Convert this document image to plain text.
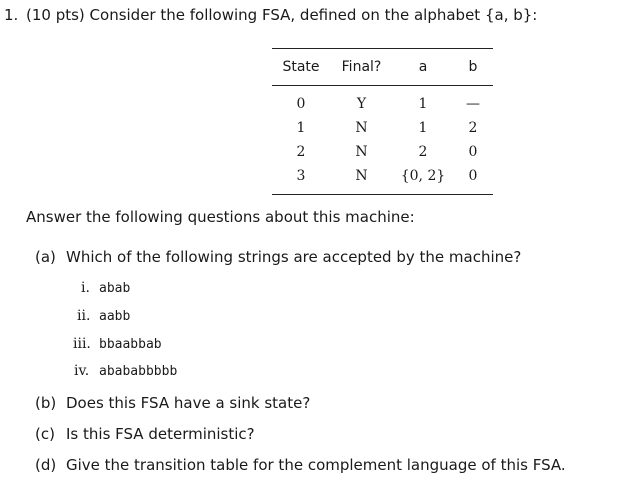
1. (10 pts) Consider the following FSA, defined on the alphabet {a, b}:
State	Final?	a	b
0	Y	1	—
1	N	1	2
2	N	2	0
3	N	{0, 2}	0
Answer the following questions about this machine:
(a) Which of the following strings are accepted by the machine?
i. abab
ii. aabb
iii. bbaabbab
iv. abababbbbb
(b) Does this FSA have a sink state?
(c) Is this FSA deterministic?
(d) Give the transition table for the complement language of this FSA.
